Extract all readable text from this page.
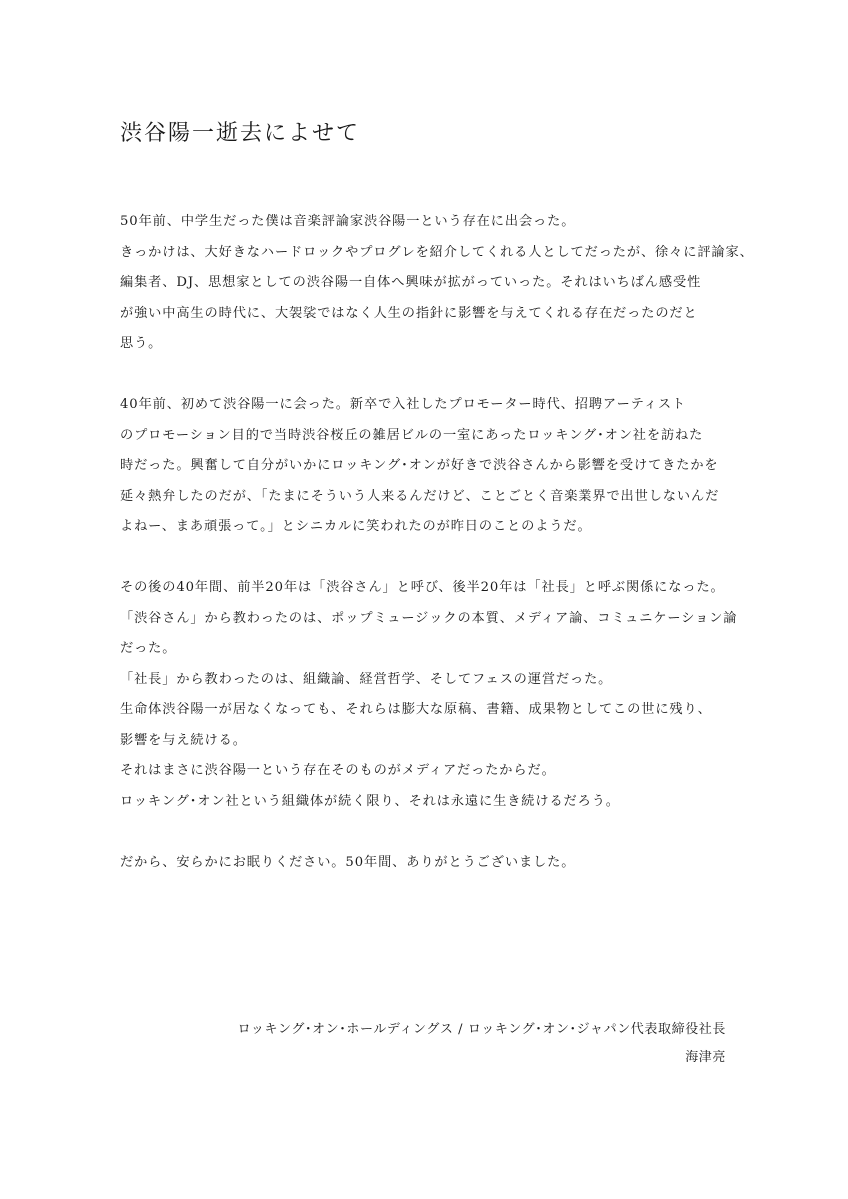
渋谷陽一逝去によせて
50年前、中学生だった僕は音楽評論家渋谷陽一という存在に出会った。
きっかけは、大好きなハードロックやプログレを紹介してくれる人としてだったが、徐々に評論家、
編集者、DJ、思想家としての渋谷陽一自体へ興味が拡がっていった。それはいちばん感受性
が強い中高生の時代に、大袈裟ではなく人生の指針に影響を与えてくれる存在だったのだと
思う。
40年前、初めて渋谷陽一に会った。新卒で入社したプロモーター時代、招聘アーティスト
のプロモーション目的で当時渋谷桜丘の雑居ビルの一室にあったロッキング･オン社を訪ねた
時だった。興奮して自分がいかにロッキング･オンが好きで渋谷さんから影響を受けてきたかを
延々熱弁したのだが、「たまにそういう人来るんだけど、ことごとく音楽業界で出世しないんだ
よねー、まあ頑張って。」とシニカルに笑われたのが昨日のことのようだ。
その後の40年間、前半20年は「渋谷さん」と呼び、後半20年は「社長」と呼ぶ関係になった。
「渋谷さん」から教わったのは、ポップミュージックの本質、メディア論、コミュニケーション論
だった。
「社長」から教わったのは、組織論、経営哲学、そしてフェスの運営だった。
生命体渋谷陽一が居なくなっても、それらは膨大な原稿、書籍、成果物としてこの世に残り、
影響を与え続ける。
それはまさに渋谷陽一という存在そのものがメディアだったからだ。
ロッキング･オン社という組織体が続く限り、それは永遠に生き続けるだろう。
だから、安らかにお眠りください。50年間、ありがとうございました。
ロッキング･オン･ホールディングス / ロッキング･オン･ジャパン代表取締役社長
海津亮
